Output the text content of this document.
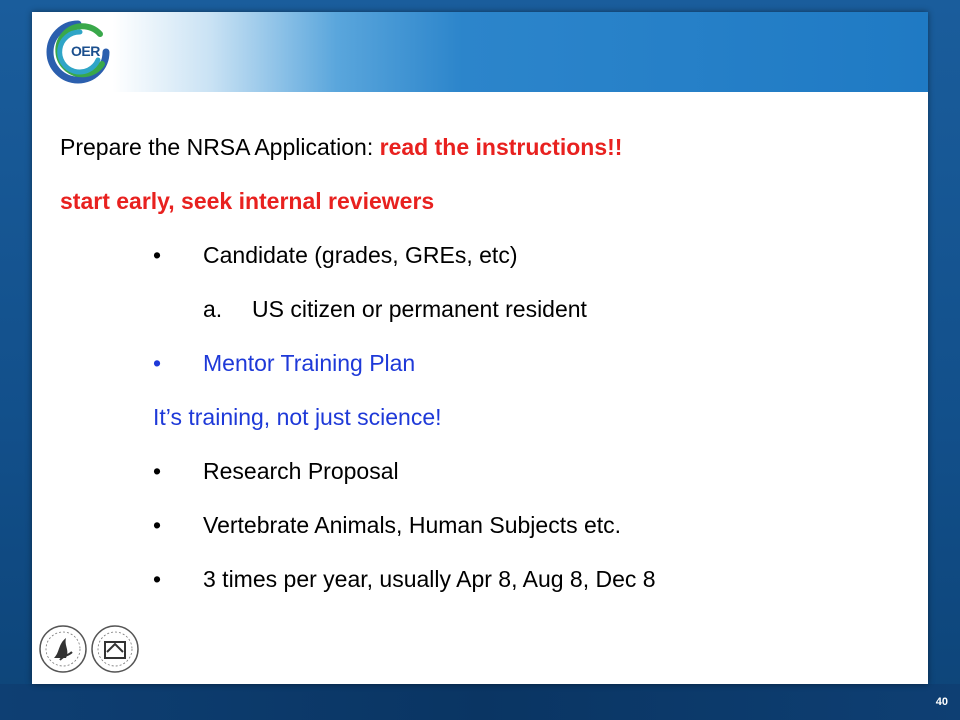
40
OER
Prepare the NRSA Application: read the instructions!!
start early, seek internal reviewers
• Candidate (grades, GREs, etc)
a. US citizen or permanent resident
• Mentor Training Plan
It’s training, not just science!
• Research Proposal
• Vertebrate Animals, Human Subjects etc.
• 3 times per year, usually Apr 8, Aug 8, Dec 8
